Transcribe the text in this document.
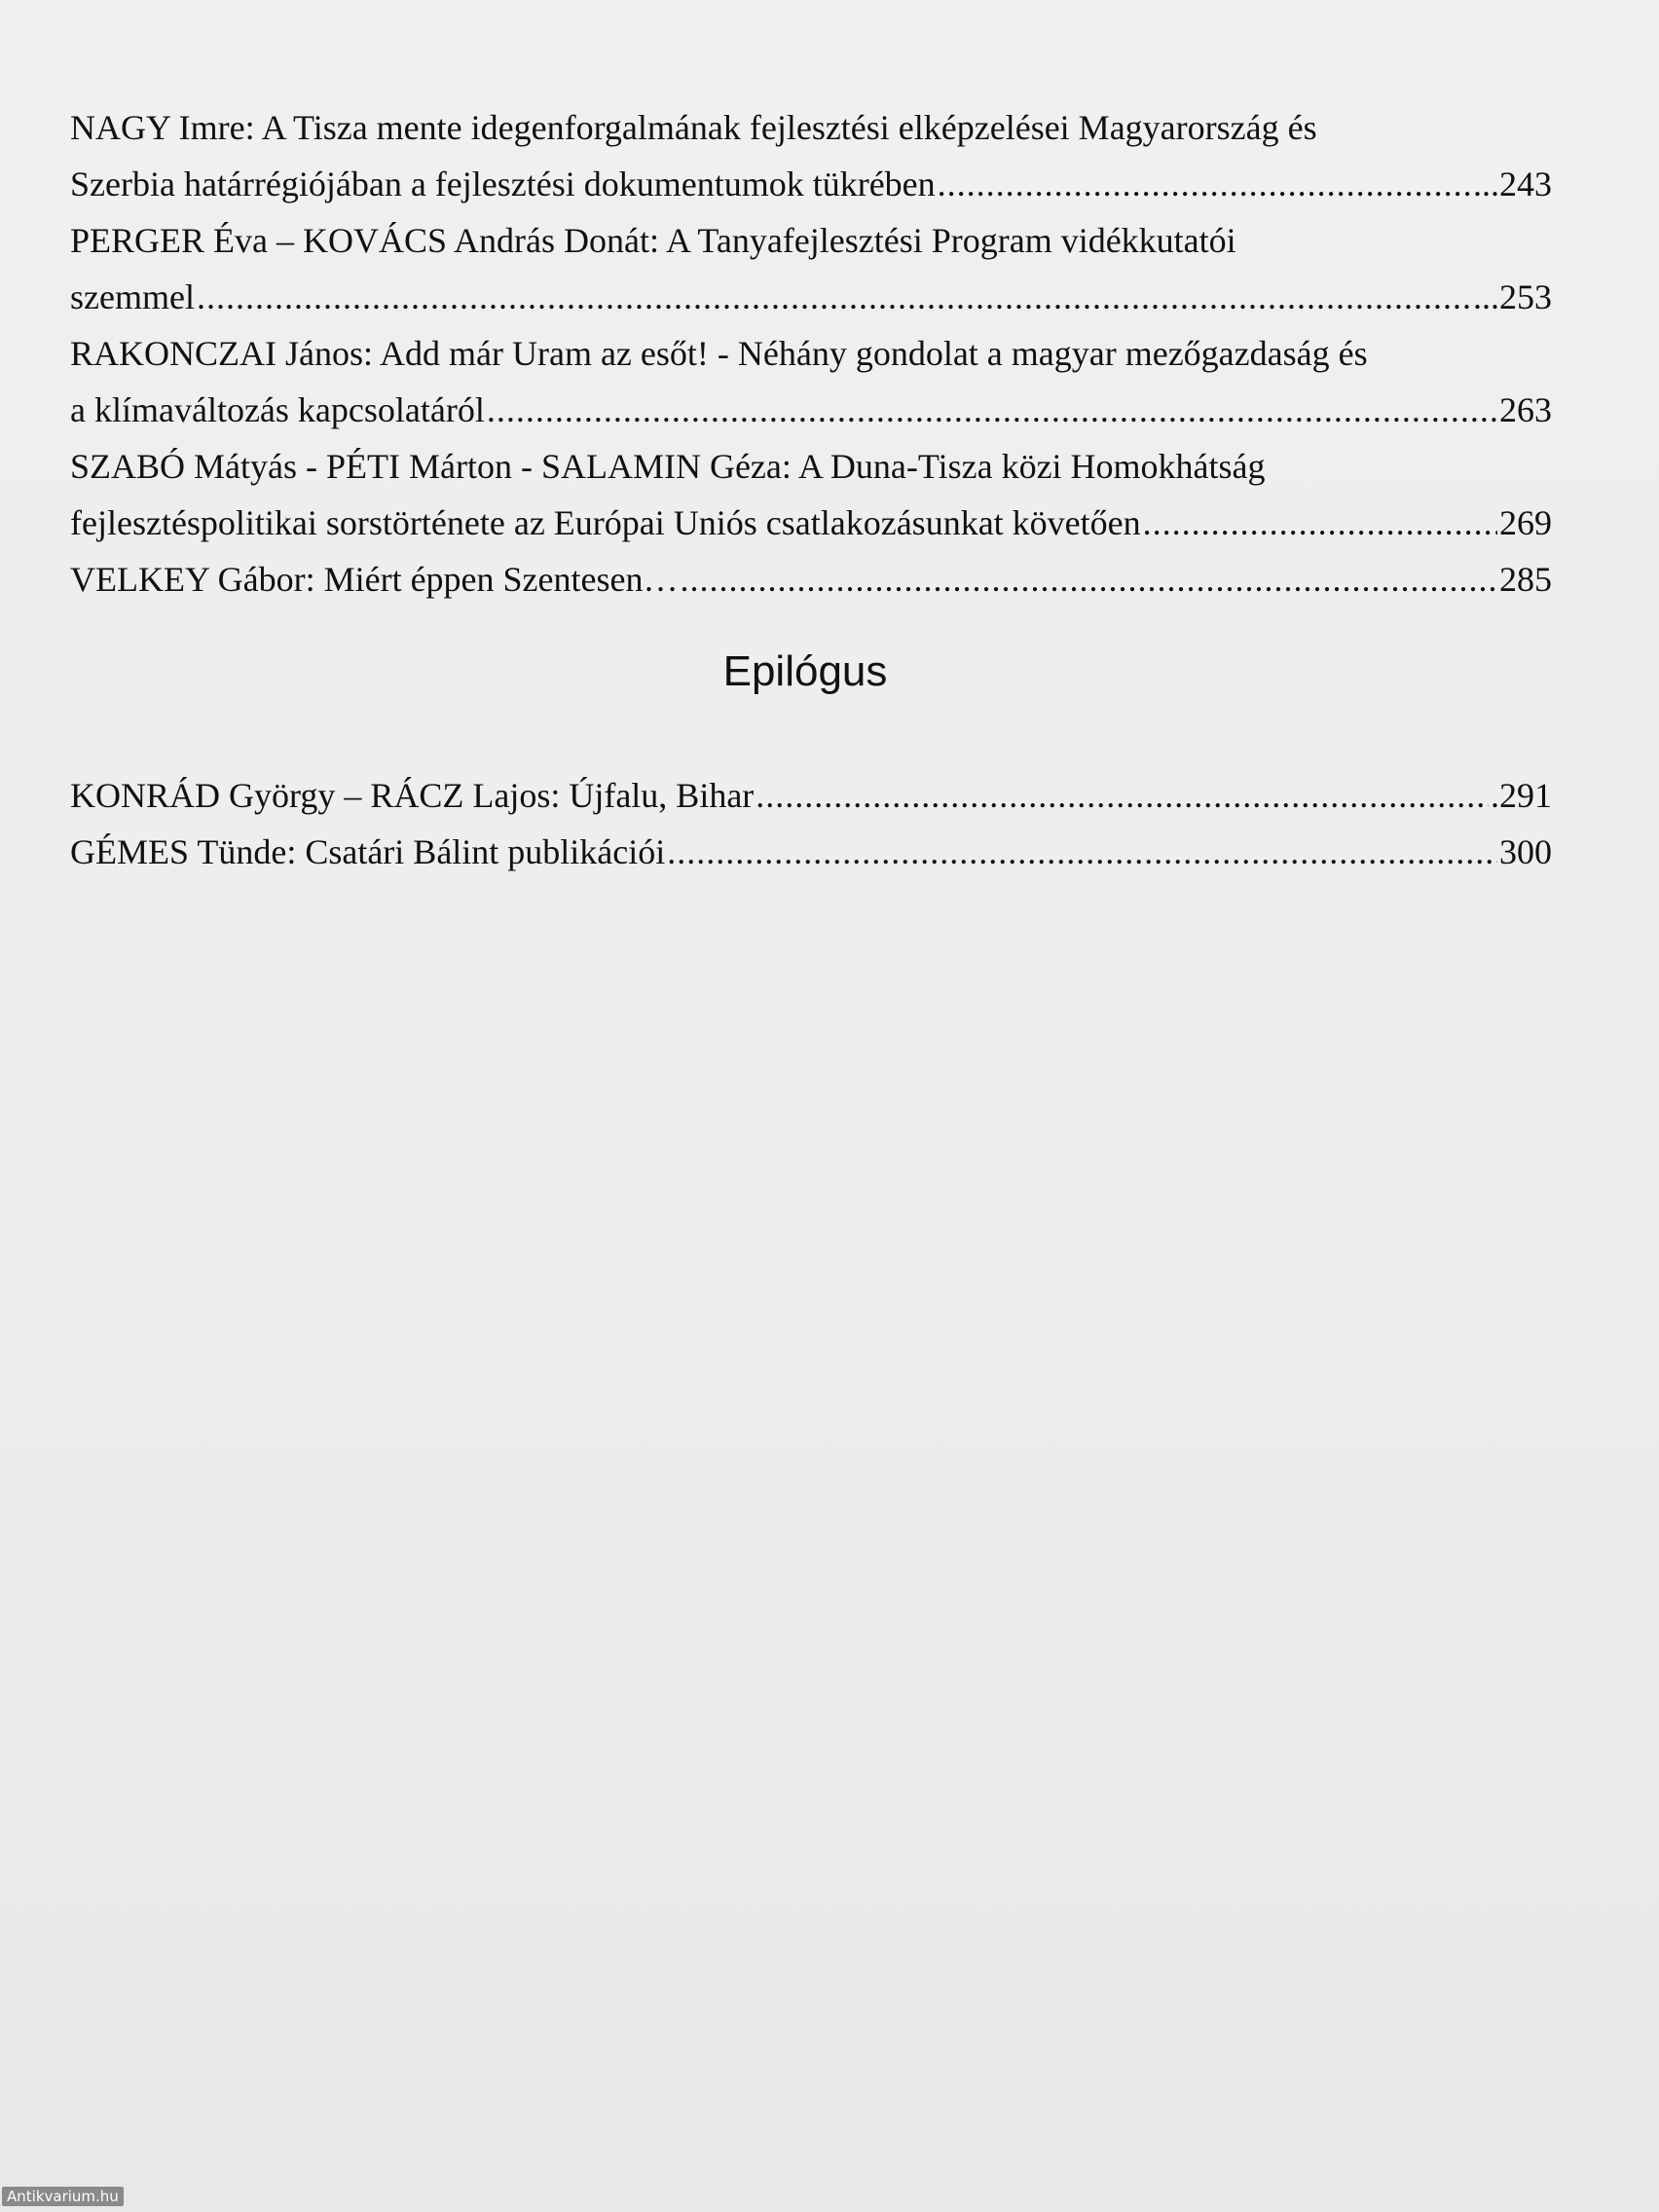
NAGY Imre: A Tisza mente idegenforgalmának fejlesztési elképzelései Magyarország és
Szerbia határrégiójában a fejlesztési dokumentumok tükrében .....	...243
PERGER Éva – KOVÁCS András Donát: A Tanyafejlesztési Program vidékkutatói
szemmel .....	...253
RAKONCZAI János: Add már Uram az esőt! - Néhány gondolat a magyar mezőgazdaság és
a klímaváltozás kapcsolatáról .....	263
SZABÓ Mátyás - PÉTI Márton - SALAMIN Géza: A Duna-Tisza közi Homokhátság
fejlesztéspolitikai sorstörténete az Európai Uniós csatlakozásunkat követően .....	269
VELKEY Gábor: Miért éppen Szentesen… .....	285
Epilógus
KONRÁD György – RÁCZ Lajos: Újfalu, Bihar .....	.291
GÉMES Tünde: Csatári Bálint publikációi .....	300
Antikvarium.hu
